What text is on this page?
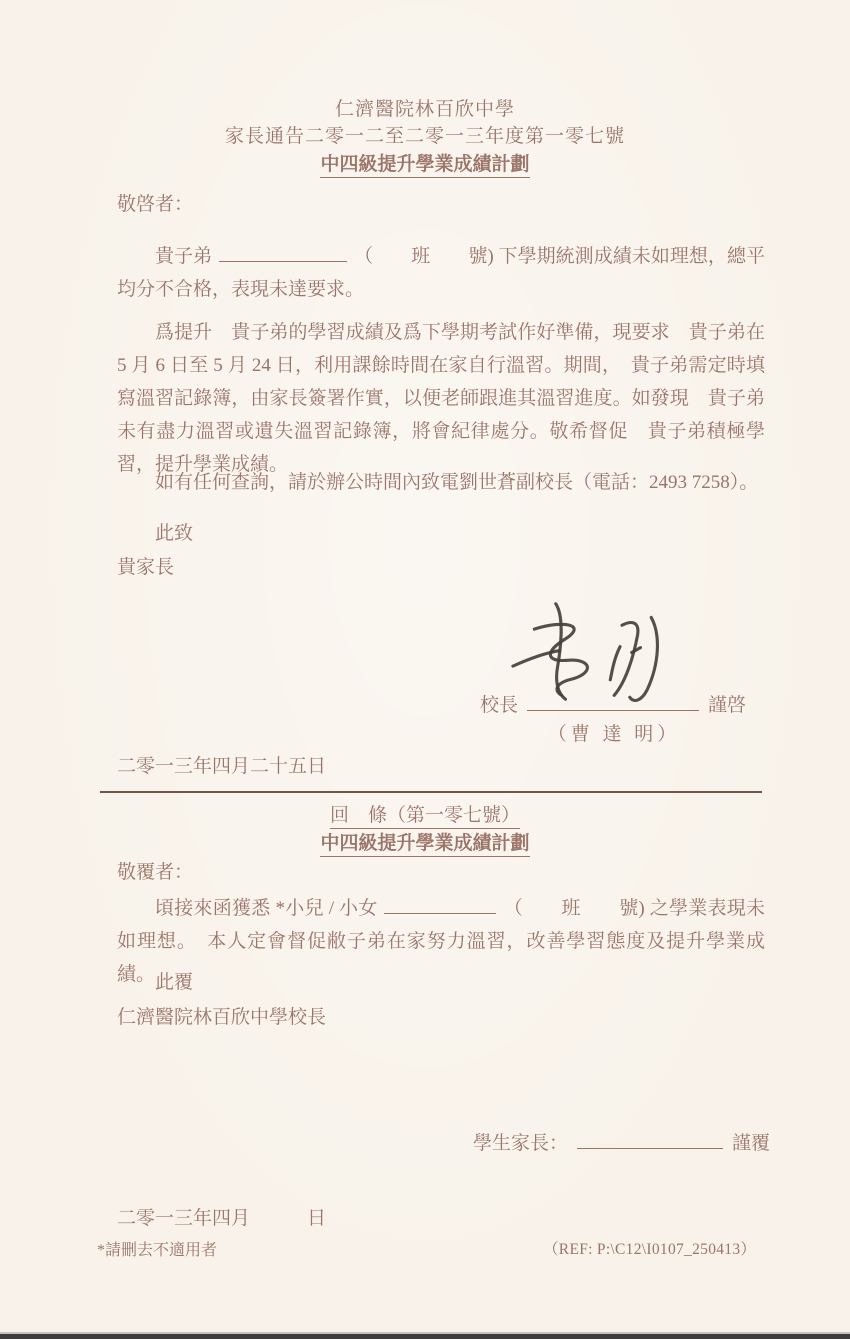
仁濟醫院林百欣中學
家長通告二零一二至二零一三年度第一零七號
中四級提升學業成績計劃
敬啓者：

貴子弟	（　　班　　號) 下學期統測成績未如理想，總平均分不合格，表現未達要求。

爲提升　貴子弟的學習成績及爲下學期考試作好準備，現要求　貴子弟在 5 月 6 日至 5 月 24 日，利用課餘時間在家自行溫習。期間，　貴子弟需定時填寫溫習記錄簿，由家長簽署作實，以便老師跟進其溫習進度。如發現　貴子弟未有盡力溫習或遺失溫習記錄簿，將會紀律處分。敬希督促　貴子弟積極學習，提升學業成績。

如有任何查詢，請於辦公時間內致電劉世蒼副校長（電話：2493 7258）。

此致
貴家長
校長	謹啓
（曹 達 明）
二零一三年四月二十五日
回　條（第一零七號）
中四級提升學業成績計劃
敬覆者：

頃接來函獲悉 *小兒 / 小女	（　　班　　號) 之學業表現未如理想。　本人定會督促敝子弟在家努力溫習，改善學習態度及提升學業成績。 此覆
仁濟醫院林百欣中學校長
學生家長：	謹覆
二零一三年四月　　　日
*請刪去不適用者	（REF: P:\C12\I0107_250413）
